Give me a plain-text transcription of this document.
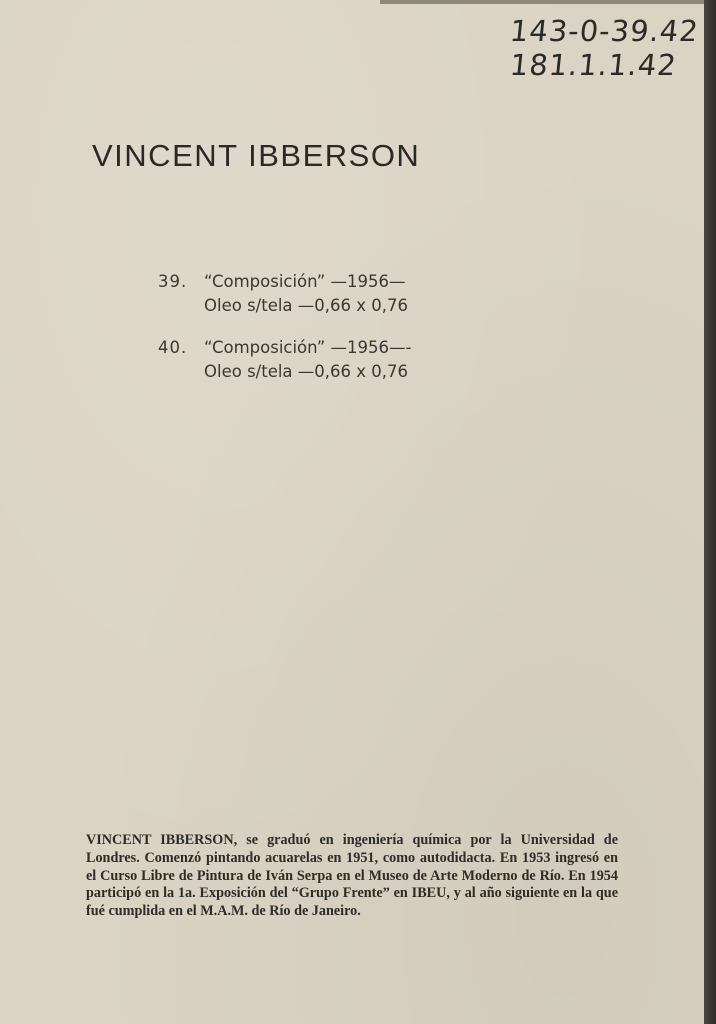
143-0-39.42
181.1.1.42
VINCENT IBBERSON
39. “Composición” —1956—
Oleo s/tela —0,66 x 0,76
40. “Composición” —1956—-
Oleo s/tela —0,66 x 0,76
VINCENT IBBERSON, se graduó en ingeniería química por la Universidad de Londres. Comenzó pintando acuarelas en 1951, como autodidacta. En 1953 ingresó en el Curso Libre de Pintura de Iván Serpa en el Museo de Arte Moderno de Río. En 1954 participó en la 1a. Exposición del “Grupo Frente” en IBEU, y al año siguiente en la que fué cumplida en el M.A.M. de Río de Janeiro.
